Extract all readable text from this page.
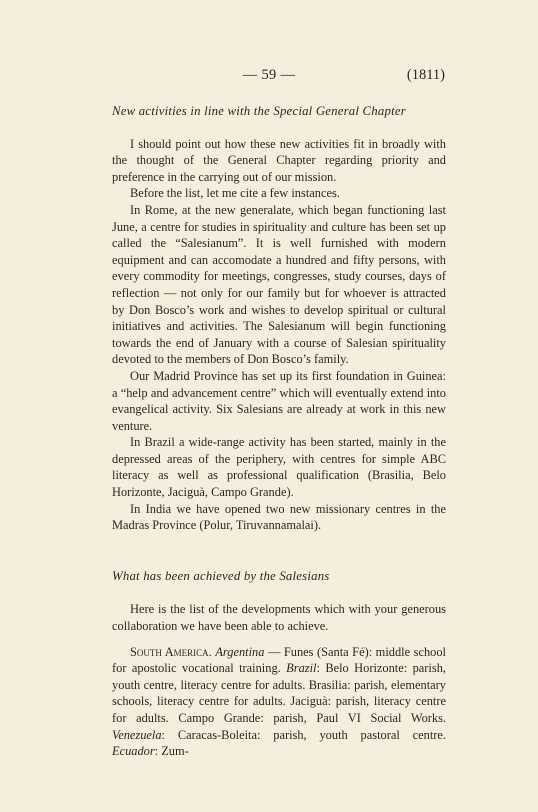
— 59 —	(1811)
New activities in line with the Special General Chapter

I should point out how these new activities fit in broadly with the thought of the General Chapter regarding priority and preference in the carrying out of our mission.

Before the list, let me cite a few instances.

In Rome, at the new generalate, which began functioning last June, a centre for studies in spirituality and culture has been set up called the “Salesianum”. It is well furnished with modern equipment and can accomodate a hundred and fifty persons, with every commodity for meetings, congresses, study courses, days of reflection — not only for our family but for whoever is attracted by Don Bosco’s work and wishes to develop spiritual or cultural initiatives and activities. The Salesianum will begin functioning towards the end of January with a course of Salesian spirituality devoted to the members of Don Bosco’s family.

Our Madrid Province has set up its first foundation in Guinea: a “help and advancement centre” which will eventually extend into evangelical activity. Six Salesians are already at work in this new venture.

In Brazil a wide-range activity has been started, mainly in the depressed areas of the periphery, with centres for simple ABC literacy as well as professional qualification (Brasilia, Belo Horizonte, Jaciguà, Campo Grande).

In India we have opened two new missionary centres in the Madras Province (Polur, Tiruvannamalai).

What has been achieved by the Salesians

Here is the list of the developments which with your generous collaboration we have been able to achieve.

South America. Argentina — Funes (Santa Fé): middle school for apostolic vocational training. Brazil: Belo Horizonte: parish, youth centre, literacy centre for adults. Brasilia: parish, elementary schools, literacy centre for adults. Jaciguà: parish, literacy centre for adults. Campo Grande: parish, Paul VI Social Works. Venezuela: Caracas-Boleita: parish, youth pastoral centre. Ecuador: Zum-
